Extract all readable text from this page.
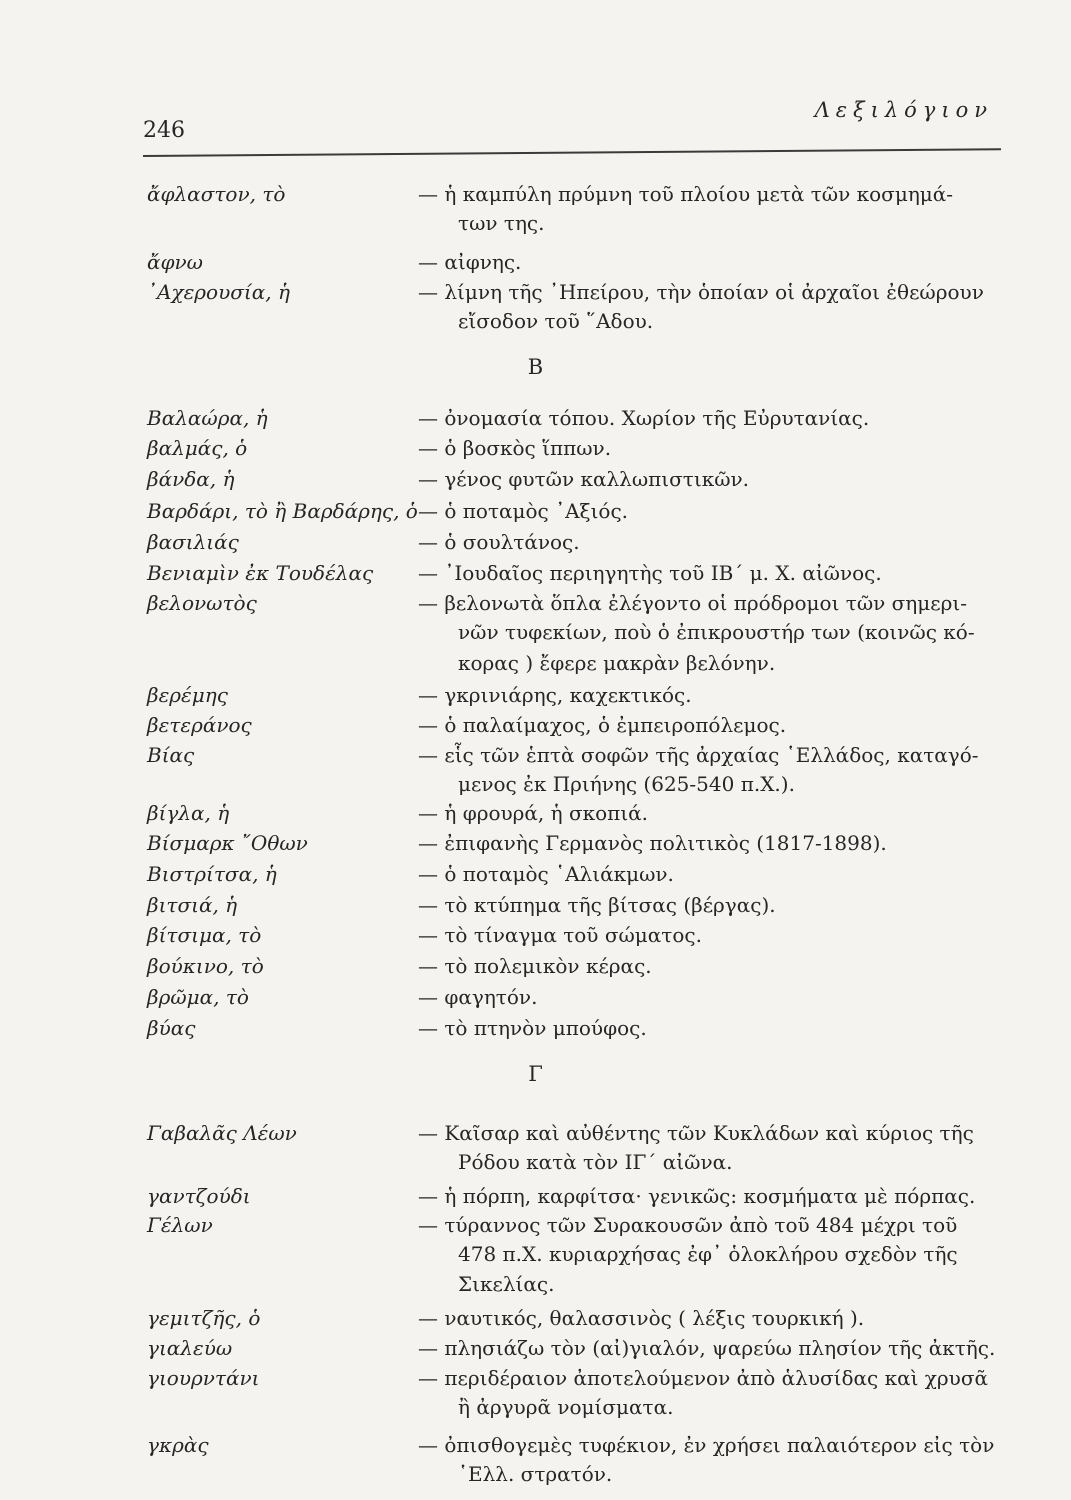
246
Λεξιλόγιον
Β
Γ
ἄφλαστον, τὸ	— ἡ καμπύλη πρύμνη τοῦ πλοίου μετὰ τῶν κοσμημά-
των της.
ἄφνω	— αἰφνης.
᾿Αχερουσία, ἡ	— λίμνη τῆς ᾿Ηπείρου, τὴν ὁποίαν οἱ ἀρχαῖοι ἐθεώρουν
εἴσοδον τοῦ ῞Αδου.
Βαλαώρα, ἡ	— ὀνομασία τόπου. Χωρίον τῆς Εὐρυτανίας.
βαλμάς, ὁ	— ὁ βοσκὸς ἵππων.
βάνδα, ἡ	— γένος φυτῶν καλλωπιστικῶν.
Βαρδάρι, τὸ ἢ Βαρδάρης, ὁ — ὁ ποταμὸς ᾿Αξιός.
βασιλιάς	— ὁ σουλτάνος.
Βενιαμὶν ἐκ Τουδέλας	— ᾿Ιουδαῖος περιηγητὴς τοῦ ΙΒ΄ μ. Χ. αἰῶνος.
βελονωτὸς	— βελονωτὰ ὅπλα ἐλέγοντο οἱ πρόδρομοι τῶν σημερι-
νῶν τυφεκίων, ποὺ ὁ ἐπικρουστήρ των (κοινῶς κό-
κορας ) ἔφερε μακρὰν βελόνην.
βερέμης	— γκρινιάρης, καχεκτικός.
βετεράνος	— ὁ παλαίμαχος, ὁ ἐμπειροπόλεμος.
Βίας	— εἷς τῶν ἑπτὰ σοφῶν τῆς ἀρχαίας ῾Ελλάδος, καταγό-
μενος ἐκ Πριήνης (625-540 π.Χ.).
βίγλα, ἡ	— ἡ φρουρά, ἡ σκοπιά.
Βίσμαρκ ῎Οθων	— ἐπιφανὴς Γερμανὸς πολιτικὸς (1817-1898).
Βιστρίτσα, ἡ	— ὁ ποταμὸς ῾Αλιάκμων.
βιτσιά, ἡ	— τὸ κτύπημα τῆς βίτσας (βέργας).
βίτσιμα, τὸ	— τὸ τίναγμα τοῦ σώματος.
βούκινο, τὸ	— τὸ πολεμικὸν κέρας.
βρῶμα, τὸ	— φαγητόν.
βύας	— τὸ πτηνὸν μπούφος.
Γαβαλᾶς Λέων	— Καῖσαρ καὶ αὐθέντης τῶν Κυκλάδων καὶ κύριος τῆς
Ρόδου κατὰ τὸν ΙΓ΄ αἰῶνα.
γαντζούδι	— ἡ πόρπη, καρφίτσα· γενικῶς: κοσμήματα μὲ πόρπας.
Γέλων	— τύραννος τῶν Συρακουσῶν ἀπὸ τοῦ 484 μέχρι τοῦ
478 π.Χ. κυριαρχήσας ἐφ᾿ ὁλοκλήρου σχεδὸν τῆς
Σικελίας.
γεμιτζῆς, ὁ	— ναυτικός, θαλασσινὸς ( λέξις τουρκική ).
γιαλεύω	— πλησιάζω τὸν (αἰ)γιαλόν, ψαρεύω πλησίον τῆς ἀκτῆς.
γιουρντάνι	— περιδέραιον ἀποτελούμενον ἀπὸ ἁλυσίδας καὶ χρυσᾶ
ἢ ἀργυρᾶ νομίσματα.
γκρὰς	— ὀπισθογεμὲς τυφέκιον, ἐν χρήσει παλαιότερον εἰς τὸν
῾Ελλ. στρατόν.
